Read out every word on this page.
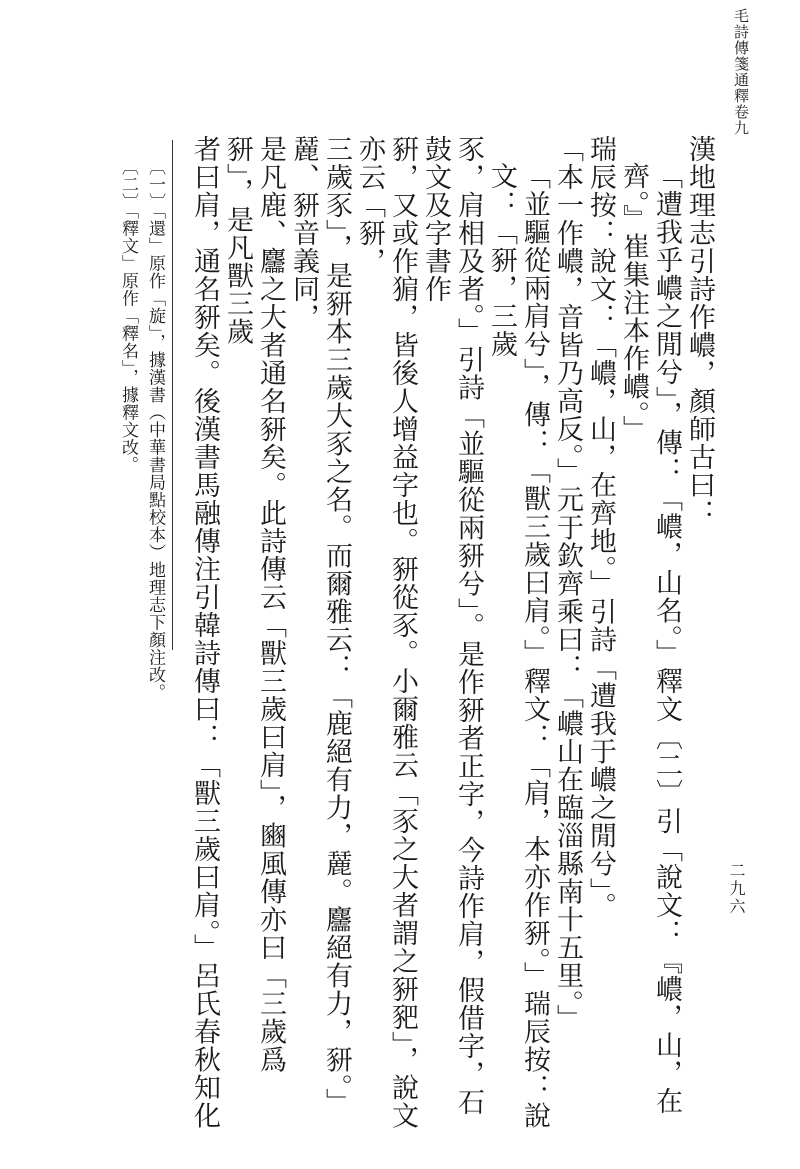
毛詩傳箋通釋卷九
漢地理志引詩作嶩，顏師古曰：
「遭我乎嶩之閒兮」，傳：「嶩，山名。」釋文〔二〕引「說文：『嶩，山，在齊。』崔集注本作嶩。」
瑞辰按：說文：「嶩，山，在齊地。」引詩「遭我于嶩之閒兮」。
「本一作嶩，音皆乃高反。」元于欽齊乘曰：「嶩山在臨淄縣南十五里。」
「並驅從兩肩兮」，傳：「獸三歲曰肩。」釋文：「肩，本亦作豜。」瑞辰按：說文：「豜，三歲
豕，肩相及者。」引詩「並驅從兩豜兮」。是作豜者正字，今詩作肩，假借字，石鼓文及字書作
豣，又或作猏，皆後人增益字也。豜從豕。小爾雅云「豕之大者謂之豜豝」，說文亦云「豜，
三歲豕」，是豜本三歲大豕之名。而爾雅云：「鹿絕有力，麉。麢絕有力，豜。」麉、豜音義同，
是凡鹿、麢之大者通名豜矣。此詩傳云「獸三歲曰肩」，豳風傳亦曰「三歲爲豜」，是凡獸三歲
者曰肩，通名豜矣。後漢書馬融傳注引韓詩傳曰：「獸三歲曰肩。」呂氏春秋知化
〔一〕「還」原作「旋」，據漢書（中華書局點校本）地理志下顏注改。
〔二〕「釋文」原作「釋名」，據釋文改。
二九六
